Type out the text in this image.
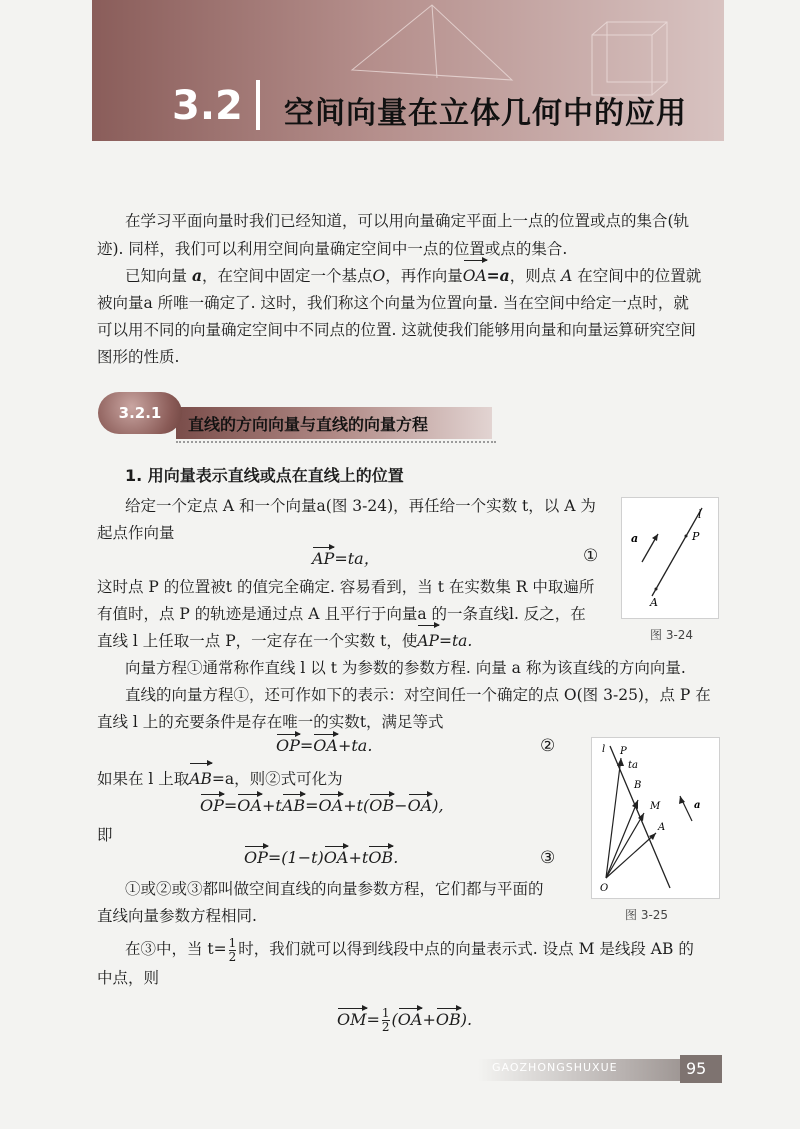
3.2 空间向量在立体几何中的应用
在学习平面向量时我们已经知道，可以用向量确定平面上一点的位置或点的集合(轨
迹). 同样，我们可以利用空间向量确定空间中一点的位置或点的集合.
已知向量 a，在空间中固定一个基点O，再作向量OA=a，则点 A 在空间中的位置就
被向量a 所唯一确定了. 这时，我们称这个向量为位置向量. 当在空间中给定一点时，就
可以用不同的向量确定空间中不同点的位置. 这就使我们能够用向量和向量运算研究空间
图形的性质.
3.2.1
直线的方向向量与直线的向量方程
1. 用向量表示直线或点在直线上的位置
给定一个定点 A 和一个向量a(图 3-24)，再任给一个实数 t，以 A 为
起点作向量
AP=ta，	①
这时点 P 的位置被t 的值完全确定. 容易看到，当 t 在实数集 R 中取遍所
有值时，点 P 的轨迹是通过点 A 且平行于向量a 的一条直线l. 反之，在
直线 l 上任取一点 P，一定存在一个实数 t，使AP=ta.
a
l
P
A
图 3-24
向量方程①通常称作直线 l 以 t 为参数的参数方程. 向量 a 称为该直线的方向向量.
直线的向量方程①，还可作如下的表示：对空间任一个确定的点 O(图 3-25)，点 P 在
直线 l 上的充要条件是存在唯一的实数t，满足等式
OP=OA+ta.	②
如果在 l 上取AB=a，则②式可化为
OP=OA+tAB=OA+t(OB−OA),
即
OP=(1−t)OA+tOB.	③
l P
ta
B
M
A
a
O
图 3-25
①或②或③都叫做空间直线的向量参数方程，它们都与平面的
直线向量参数方程相同.
在③中，当 $t= \frac{1}{2}$ 时，我们就可以得到线段中点的向量表示式. 设点 M 是线段 AB 的
中点，则
$OM= \frac{1}{2} (OA+OB)$.
GAOZHONGSHUXUE	95
